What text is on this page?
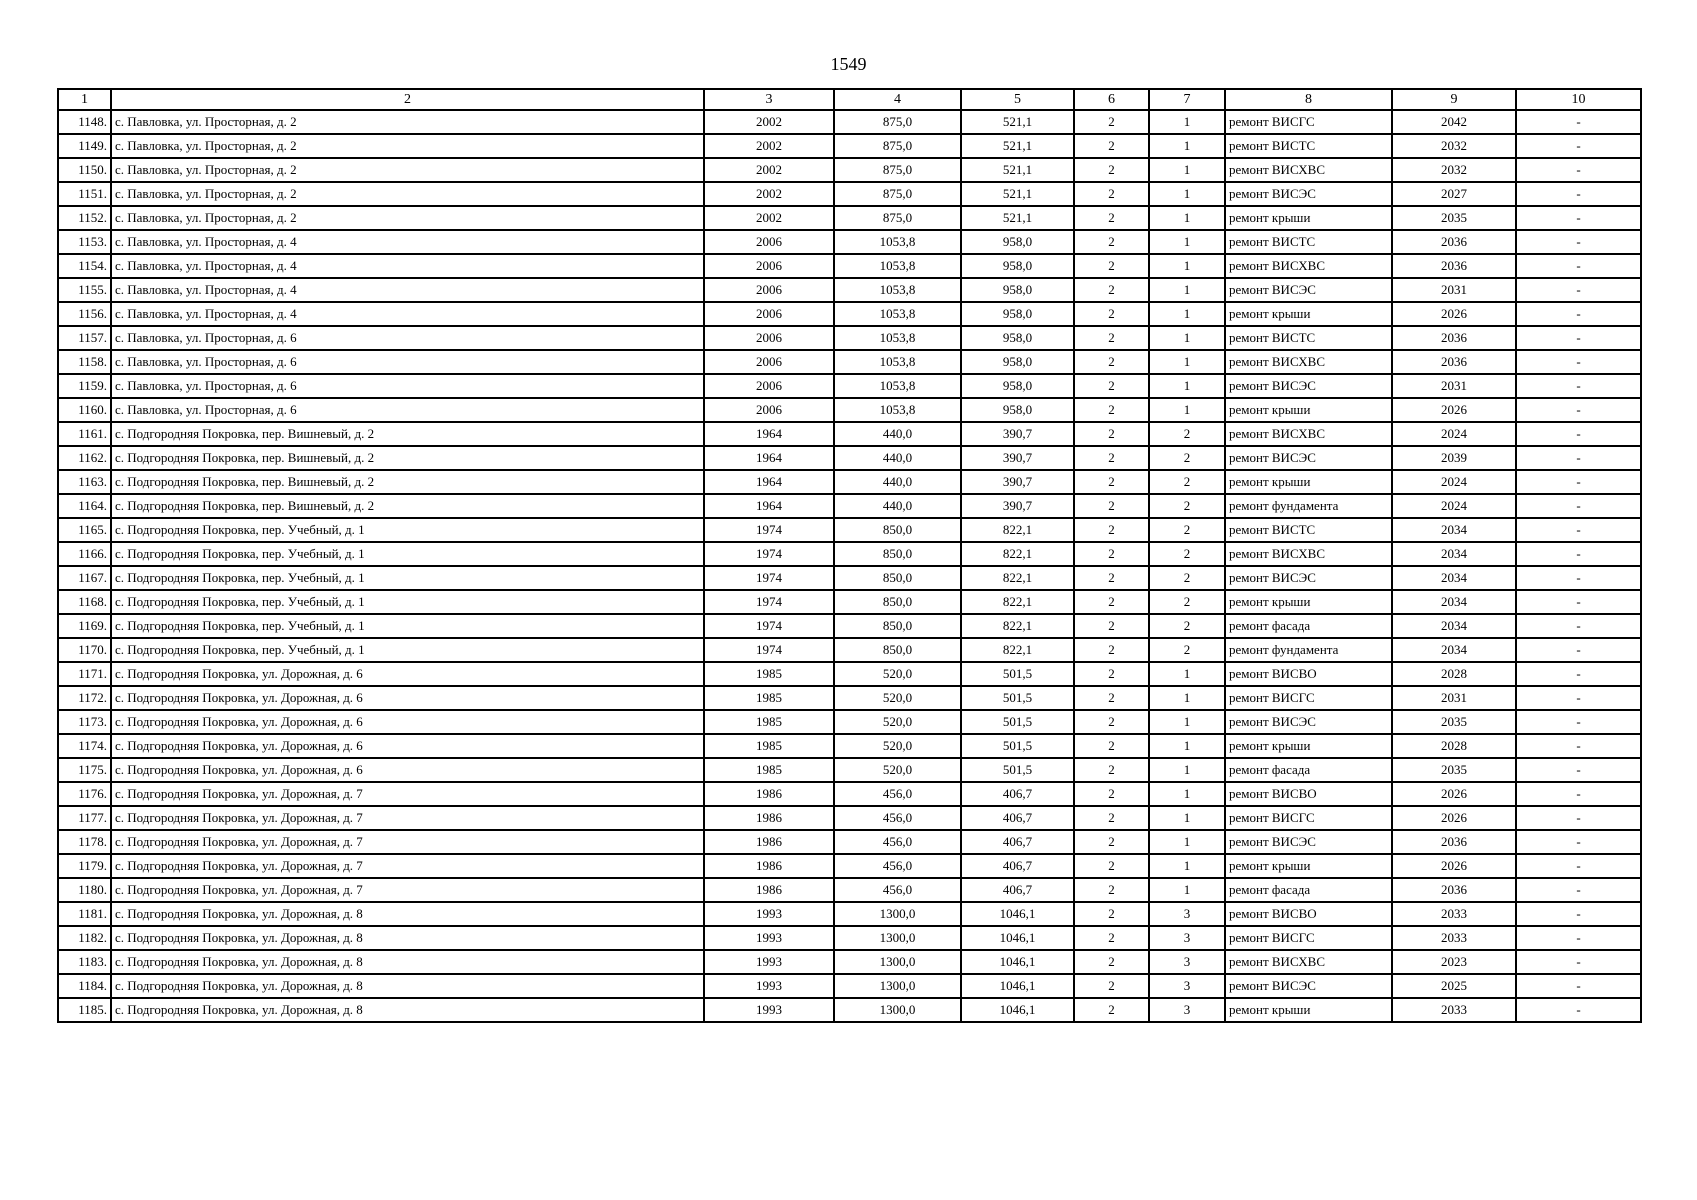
1549
1	2	3	4	5	6	7	8	9	10
1148.	с. Павловка, ул. Просторная, д. 2	2002	875,0	521,1	2	1	ремонт ВИСГС	2042	-
1149.	с. Павловка, ул. Просторная, д. 2	2002	875,0	521,1	2	1	ремонт ВИСТС	2032	-
1150.	с. Павловка, ул. Просторная, д. 2	2002	875,0	521,1	2	1	ремонт ВИСХВС	2032	-
1151.	с. Павловка, ул. Просторная, д. 2	2002	875,0	521,1	2	1	ремонт ВИСЭС	2027	-
1152.	с. Павловка, ул. Просторная, д. 2	2002	875,0	521,1	2	1	ремонт крыши	2035	-
1153.	с. Павловка, ул. Просторная, д. 4	2006	1053,8	958,0	2	1	ремонт ВИСТС	2036	-
1154.	с. Павловка, ул. Просторная, д. 4	2006	1053,8	958,0	2	1	ремонт ВИСХВС	2036	-
1155.	с. Павловка, ул. Просторная, д. 4	2006	1053,8	958,0	2	1	ремонт ВИСЭС	2031	-
1156.	с. Павловка, ул. Просторная, д. 4	2006	1053,8	958,0	2	1	ремонт крыши	2026	-
1157.	с. Павловка, ул. Просторная, д. 6	2006	1053,8	958,0	2	1	ремонт ВИСТС	2036	-
1158.	с. Павловка, ул. Просторная, д. 6	2006	1053,8	958,0	2	1	ремонт ВИСХВС	2036	-
1159.	с. Павловка, ул. Просторная, д. 6	2006	1053,8	958,0	2	1	ремонт ВИСЭС	2031	-
1160.	с. Павловка, ул. Просторная, д. 6	2006	1053,8	958,0	2	1	ремонт крыши	2026	-
1161.	с. Подгородняя Покровка, пер. Вишневый, д. 2	1964	440,0	390,7	2	2	ремонт ВИСХВС	2024	-
1162.	с. Подгородняя Покровка, пер. Вишневый, д. 2	1964	440,0	390,7	2	2	ремонт ВИСЭС	2039	-
1163.	с. Подгородняя Покровка, пер. Вишневый, д. 2	1964	440,0	390,7	2	2	ремонт крыши	2024	-
1164.	с. Подгородняя Покровка, пер. Вишневый, д. 2	1964	440,0	390,7	2	2	ремонт фундамента	2024	-
1165.	с. Подгородняя Покровка, пер. Учебный, д. 1	1974	850,0	822,1	2	2	ремонт ВИСТС	2034	-
1166.	с. Подгородняя Покровка, пер. Учебный, д. 1	1974	850,0	822,1	2	2	ремонт ВИСХВС	2034	-
1167.	с. Подгородняя Покровка, пер. Учебный, д. 1	1974	850,0	822,1	2	2	ремонт ВИСЭС	2034	-
1168.	с. Подгородняя Покровка, пер. Учебный, д. 1	1974	850,0	822,1	2	2	ремонт крыши	2034	-
1169.	с. Подгородняя Покровка, пер. Учебный, д. 1	1974	850,0	822,1	2	2	ремонт фасада	2034	-
1170.	с. Подгородняя Покровка, пер. Учебный, д. 1	1974	850,0	822,1	2	2	ремонт фундамента	2034	-
1171.	с. Подгородняя Покровка, ул. Дорожная, д. 6	1985	520,0	501,5	2	1	ремонт ВИСВО	2028	-
1172.	с. Подгородняя Покровка, ул. Дорожная, д. 6	1985	520,0	501,5	2	1	ремонт ВИСГС	2031	-
1173.	с. Подгородняя Покровка, ул. Дорожная, д. 6	1985	520,0	501,5	2	1	ремонт ВИСЭС	2035	-
1174.	с. Подгородняя Покровка, ул. Дорожная, д. 6	1985	520,0	501,5	2	1	ремонт крыши	2028	-
1175.	с. Подгородняя Покровка, ул. Дорожная, д. 6	1985	520,0	501,5	2	1	ремонт фасада	2035	-
1176.	с. Подгородняя Покровка, ул. Дорожная, д. 7	1986	456,0	406,7	2	1	ремонт ВИСВО	2026	-
1177.	с. Подгородняя Покровка, ул. Дорожная, д. 7	1986	456,0	406,7	2	1	ремонт ВИСГС	2026	-
1178.	с. Подгородняя Покровка, ул. Дорожная, д. 7	1986	456,0	406,7	2	1	ремонт ВИСЭС	2036	-
1179.	с. Подгородняя Покровка, ул. Дорожная, д. 7	1986	456,0	406,7	2	1	ремонт крыши	2026	-
1180.	с. Подгородняя Покровка, ул. Дорожная, д. 7	1986	456,0	406,7	2	1	ремонт фасада	2036	-
1181.	с. Подгородняя Покровка, ул. Дорожная, д. 8	1993	1300,0	1046,1	2	3	ремонт ВИСВО	2033	-
1182.	с. Подгородняя Покровка, ул. Дорожная, д. 8	1993	1300,0	1046,1	2	3	ремонт ВИСГС	2033	-
1183.	с. Подгородняя Покровка, ул. Дорожная, д. 8	1993	1300,0	1046,1	2	3	ремонт ВИСХВС	2023	-
1184.	с. Подгородняя Покровка, ул. Дорожная, д. 8	1993	1300,0	1046,1	2	3	ремонт ВИСЭС	2025	-
1185.	с. Подгородняя Покровка, ул. Дорожная, д. 8	1993	1300,0	1046,1	2	3	ремонт крыши	2033	-
